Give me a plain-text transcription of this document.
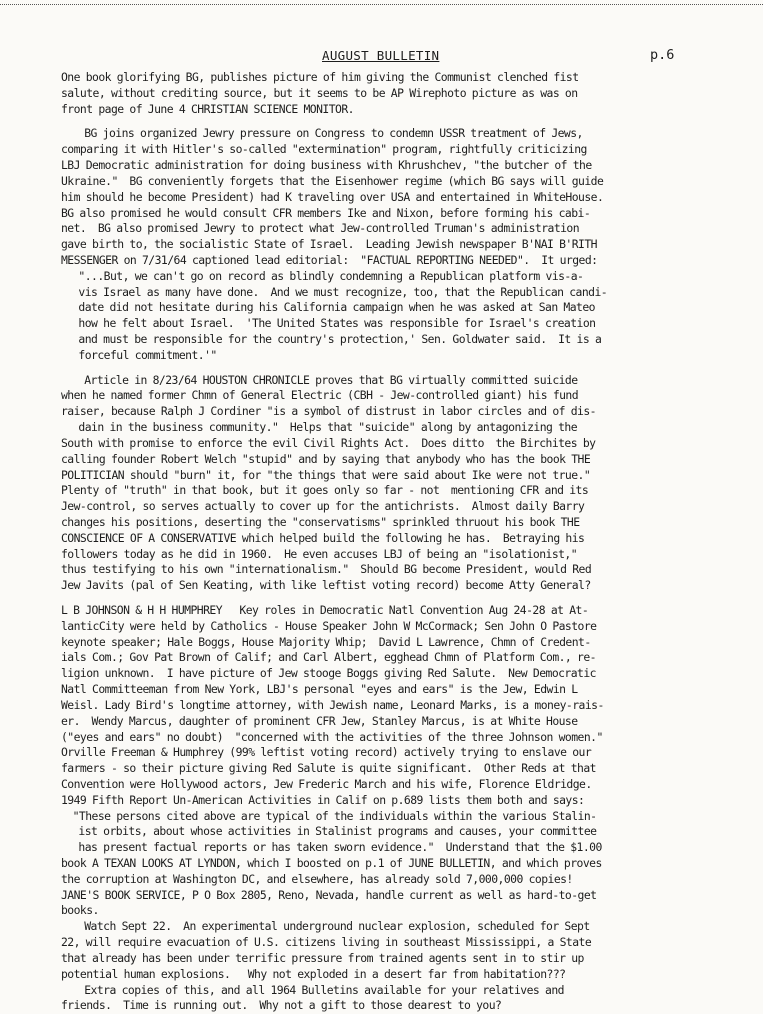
AUGUST BULLETIN	p.6
One book glorifying BG, publishes picture of him giving the Communist clenched fist
salute, without crediting source, but it seems to be AP Wirephoto picture as was on
front page of June 4 CHRISTIAN SCIENCE MONITOR.
BG joins organized Jewry pressure on Congress to condemn USSR treatment of Jews,
comparing it with Hitler's so-called "extermination" program, rightfully criticizing
LBJ Democratic administration for doing business with Khrushchev, "the butcher of the
Ukraine."  BG conveniently forgets that the Eisenhower regime (which BG says will guide
him should he become President) had K traveling over USA and entertained in WhiteHouse.
BG also promised he would consult CFR members Ike and Nixon, before forming his cabi-
net.  BG also promised Jewry to protect what Jew-controlled Truman's administration
gave birth to, the socialistic State of Israel.  Leading Jewish newspaper B'NAI B'RITH
MESSENGER on 7/31/64 captioned lead editorial:  "FACTUAL REPORTING NEEDED".  It urged:
"...But, we can't go on record as blindly condemning a Republican platform vis-a-
vis Israel as many have done.  And we must recognize, too, that the Republican candi-
date did not hesitate during his California campaign when he was asked at San Mateo
how he felt about Israel.  'The United States was responsible for Israel's creation
and must be responsible for the country's protection,' Sen. Goldwater said.  It is a
forceful commitment.'"
Article in 8/23/64 HOUSTON CHRONICLE proves that BG virtually committed suicide
when he named former Chmn of General Electric (CBH - Jew-controlled giant) his fund
raiser, because Ralph J Cordiner "is a symbol of distrust in labor circles and of dis-
dain in the business community."  Helps that "suicide" along by antagonizing the
South with promise to enforce the evil Civil Rights Act.  Does ditto  the Birchites by
calling founder Robert Welch "stupid" and by saying that anybody who has the book THE
POLITICIAN should "burn" it, for "the things that were said about Ike were not true."
Plenty of "truth" in that book, but it goes only so far - not  mentioning CFR and its
Jew-control, so serves actually to cover up for the antichrists.  Almost daily Barry
changes his positions, deserting the "conservatisms" sprinkled thruout his book THE
CONSCIENCE OF A CONSERVATIVE which helped build the following he has.  Betraying his
followers today as he did in 1960.  He even accuses LBJ of being an "isolationist,"
thus testifying to his own "internationalism."  Should BG become President, would Red
Jew Javits (pal of Sen Keating, with like leftist voting record) become Atty General?
L B JOHNSON & H H HUMPHREY   Key roles in Democratic Natl Convention Aug 24-28 at At-
lanticCity were held by Catholics - House Speaker John W McCormack; Sen John O Pastore
keynote speaker; Hale Boggs, House Majority Whip;  David L Lawrence, Chmn of Credent-
ials Com.; Gov Pat Brown of Calif; and Carl Albert, egghead Chmn of Platform Com., re-
ligion unknown.  I have picture of Jew stooge Boggs giving Red Salute.  New Democratic
Natl Committeeman from New York, LBJ's personal "eyes and ears" is the Jew, Edwin L
Weisl. Lady Bird's longtime attorney, with Jewish name, Leonard Marks, is a money-rais-
er.  Wendy Marcus, daughter of prominent CFR Jew, Stanley Marcus, is at White House
("eyes and ears" no doubt)  "concerned with the activities of the three Johnson women."
Orville Freeman & Humphrey (99% leftist voting record) actively trying to enslave our
farmers - so their picture giving Red Salute is quite significant.  Other Reds at that
Convention were Hollywood actors, Jew Frederic March and his wife, Florence Eldridge.
1949 Fifth Report Un-American Activities in Calif on p.689 lists them both and says:
"These persons cited above are typical of the individuals within the various Stalin-
ist orbits, about whose activities in Stalinist programs and causes, your committee
has present factual reports or has taken sworn evidence."  Understand that the $1.00
book A TEXAN LOOKS AT LYNDON, which I boosted on p.1 of JUNE BULLETIN, and which proves
the corruption at Washington DC, and elsewhere, has already sold 7,000,000 copies!
JANE'S BOOK SERVICE, P O Box 2805, Reno, Nevada, handle current as well as hard-to-get
books.
Watch Sept 22.  An experimental underground nuclear explosion, scheduled for Sept
22, will require evacuation of U.S. citizens living in southeast Mississippi, a State
that already has been under terrific pressure from trained agents sent in to stir up
potential human explosions.   Why not exploded in a desert far from habitation???
Extra copies of this, and all 1964 Bulletins available for your relatives and
friends.  Time is running out.  Why not a gift to those dearest to you?
